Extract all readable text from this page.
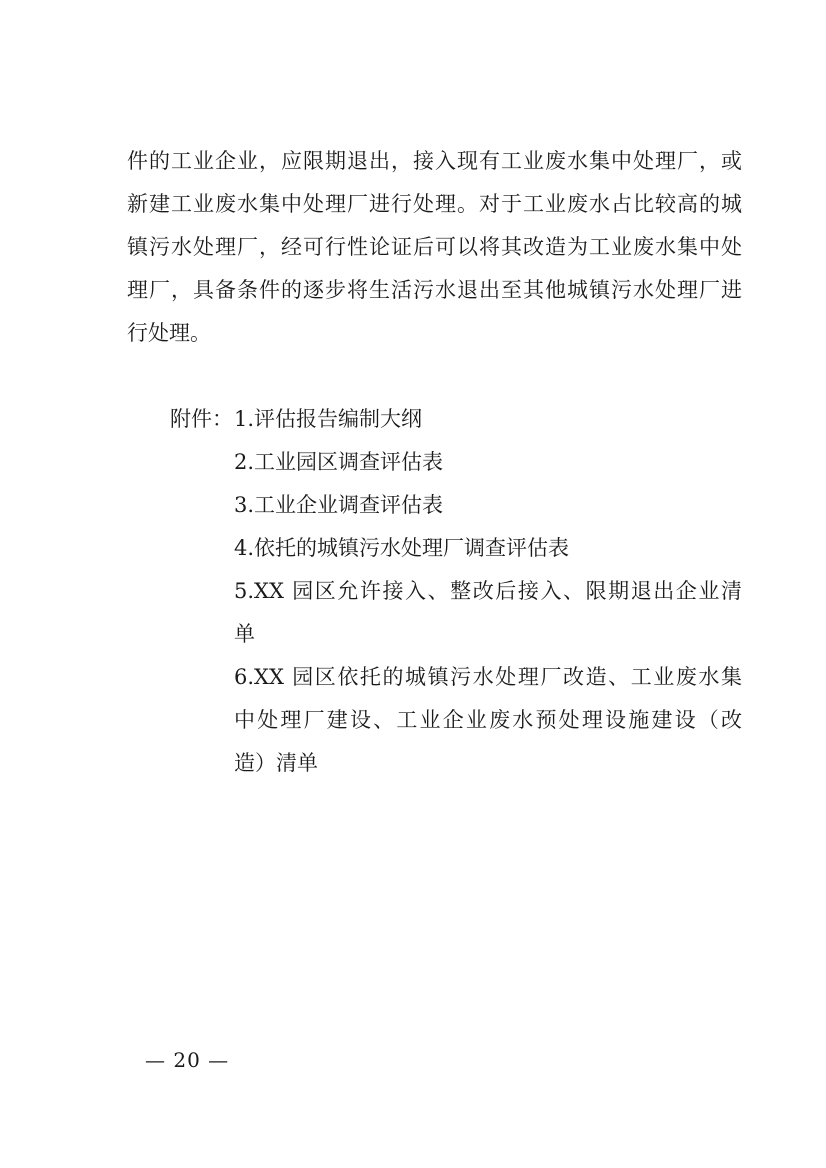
件的工业企业，应限期退出，接入现有工业废水集中处理厂，或
新建工业废水集中处理厂进行处理。对于工业废水占比较高的城
镇污水处理厂，经可行性论证后可以将其改造为工业废水集中处
理厂，具备条件的逐步将生活污水退出至其他城镇污水处理厂进
行处理。
附件： 1. 评估报告编制大纲
2. 工业园区调查评估表
3. 工业企业调查评估表
4. 依托的城镇污水处理厂调查评估表
5. XX 园区允许接入、整改后接入、限期退出企业清
单
6. XX 园区依托的城镇污水处理厂改造、工业废水集
中处理厂建设、工业企业废水预处理设施建设（改
造）清单
— 20 —
